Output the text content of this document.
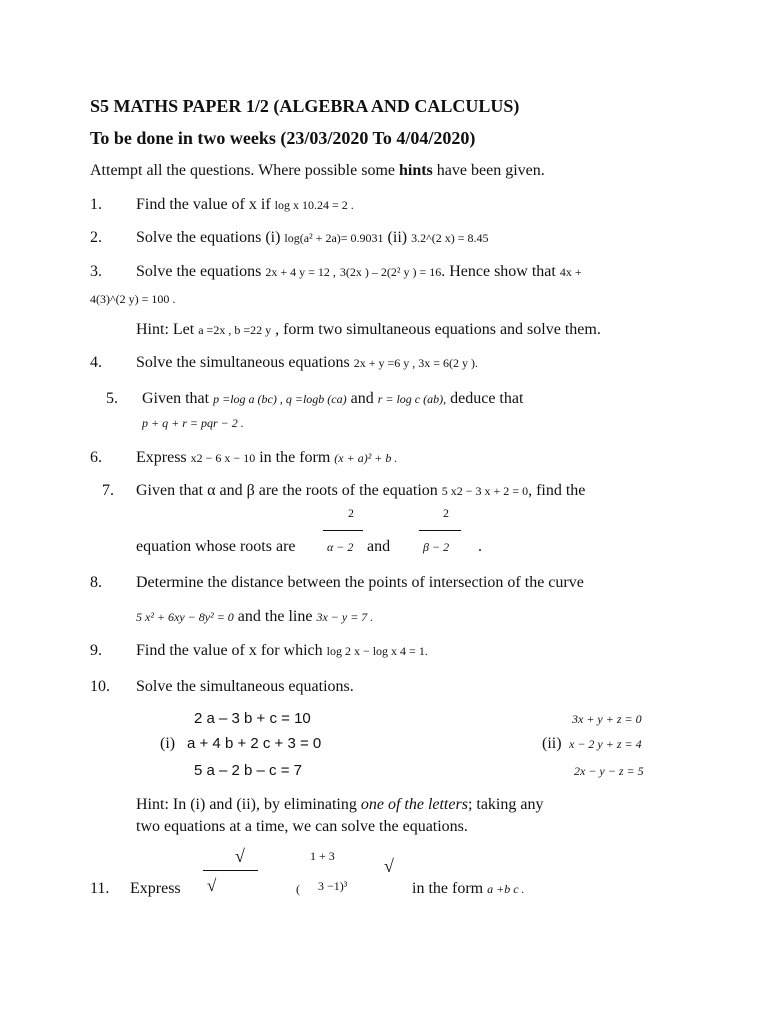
S5 MATHS PAPER 1/2 (ALGEBRA AND CALCULUS)
To be done in two weeks (23/03/2020 To 4/04/2020)
Attempt all the questions. Where possible some hints have been given.
1. Find the value of x if log x 10.24 = 2 .
2. Solve the equations (i) log(a² + 2a)= 0.9031 (ii) 3.2^(2 x) = 8.45
3. Solve the equations 2x + 4 y = 12 , 3(2x ) – 2(2² y ) = 16. Hence show that 4x +
4(3)^(2 y) = 100 .
Hint: Let a =2x , b =22 y , form two simultaneous equations and solve them.
4. Solve the simultaneous equations 2x + y =6 y , 3x = 6(2 y ).
5. Given that p =log a (bc) , q =logb (ca) and r = log c (ab), deduce that
p + q + r = pqr − 2 .
6. Express x2 − 6 x − 10 in the form (x + a)² + b .
7. Given that α and β are the roots of the equation 5 x2 − 3 x + 2 = 0, find the
2	2
equation whose roots are	α − 2 and	β − 2 .
8. Determine the distance between the points of intersection of the curve
5 x² + 6xy − 8y² = 0 and the line 3x − y = 7 .
9. Find the value of x for which log 2 x − log x 4 = 1.
10. Solve the simultaneous equations.
2 a – 3 b + c = 10
(i) a + 4 b + 2 c + 3 = 0
5 a – 2 b – c = 7
3x + y + z = 0
(ii) x − 2 y + z = 4
2x − y − z = 5
Hint: In (i) and (ii), by eliminating one of the letters; taking any
two equations at a time, we can solve the equations.
√	1 + 3	√
11. Express √	( 3 −1)³	in the form a +b c .
